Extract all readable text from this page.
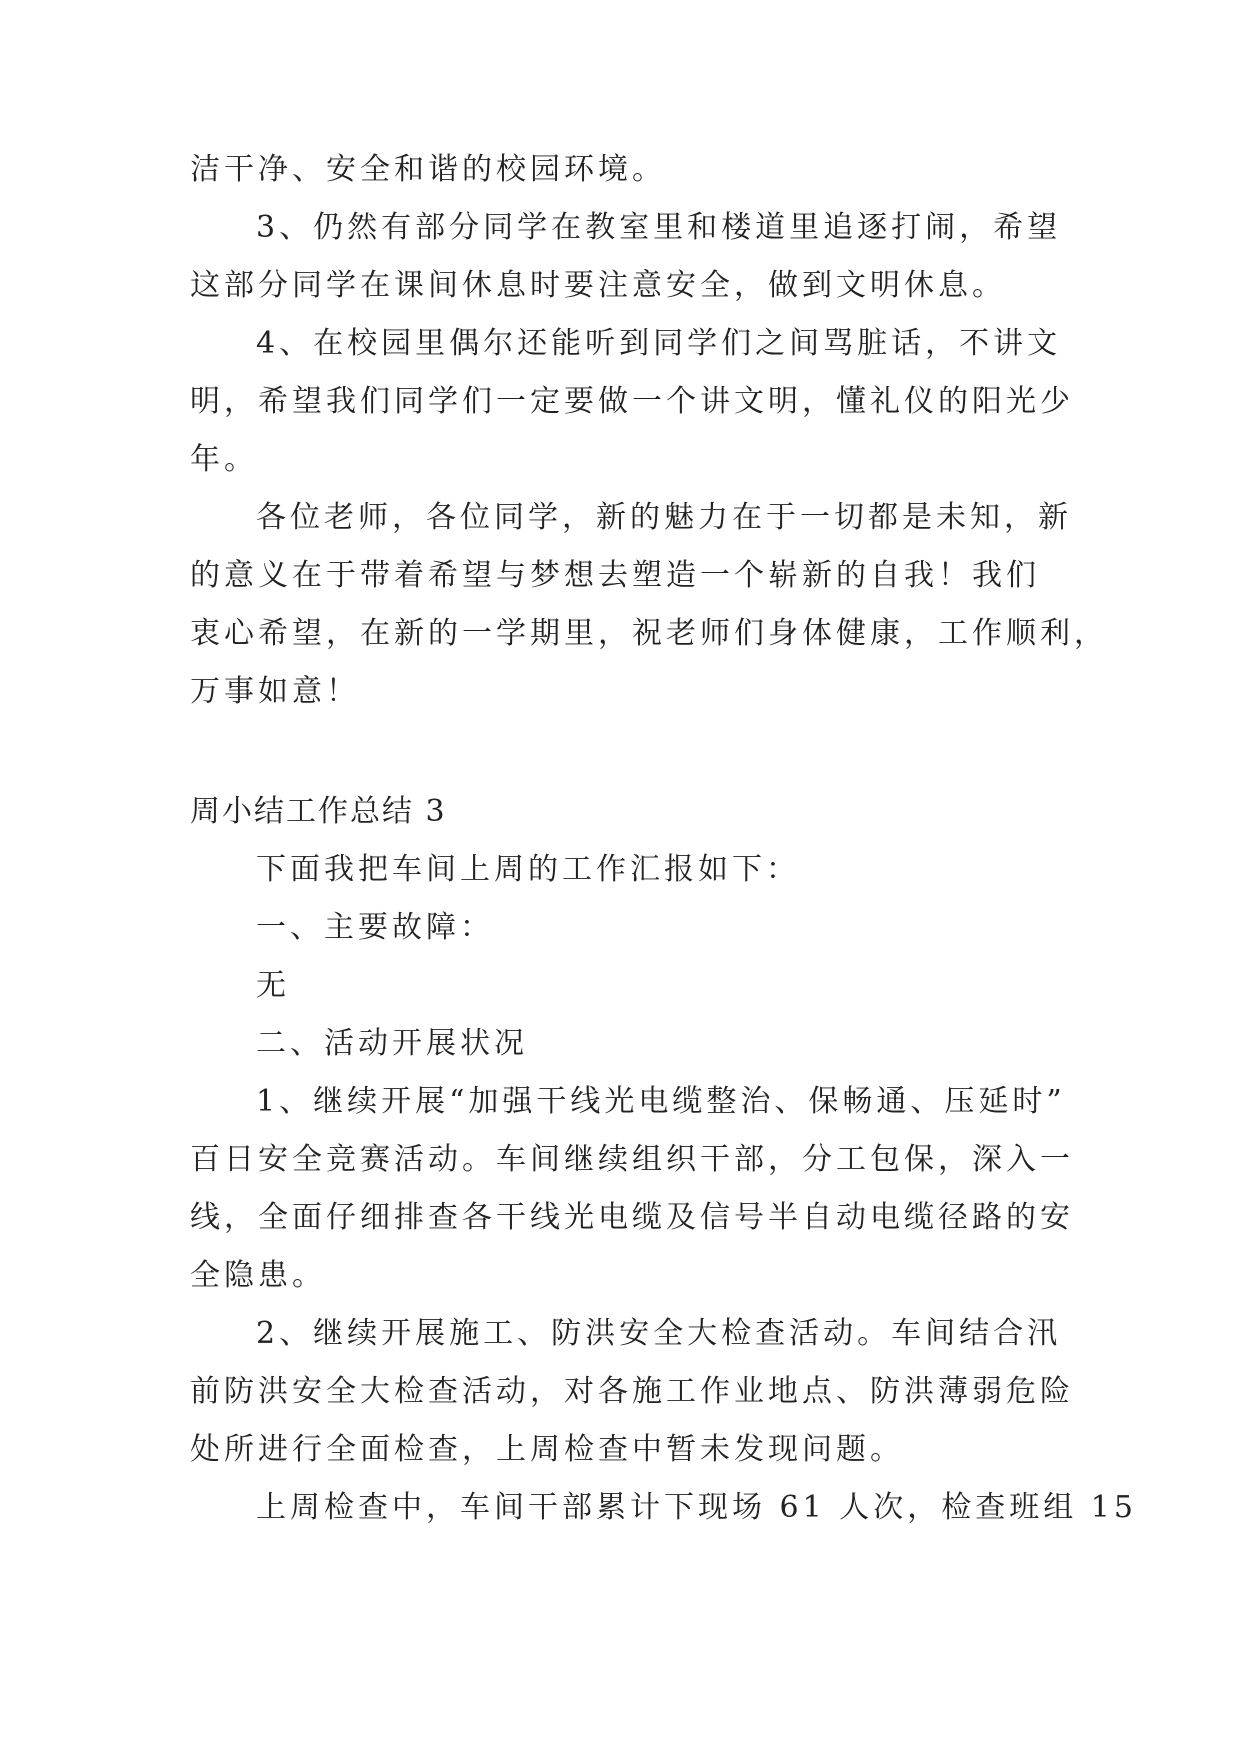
洁干净、安全和谐的校园环境。

3、仍然有部分同学在教室里和楼道里追逐打闹，希望

这部分同学在课间休息时要注意安全，做到文明休息。

4、在校园里偶尔还能听到同学们之间骂脏话，不讲文

明，希望我们同学们一定要做一个讲文明，懂礼仪的阳光少

年。

各位老师，各位同学，新的魅力在于一切都是未知，新

的意义在于带着希望与梦想去塑造一个崭新的自我！我们

衷心希望，在新的一学期里，祝老师们身体健康，工作顺利，

万事如意！

周小结工作总结 3

下面我把车间上周的工作汇报如下：

一、主要故障：

无

二、活动开展状况

1、继续开展“加强干线光电缆整治、保畅通、压延时”

百日安全竞赛活动。车间继续组织干部，分工包保，深入一

线，全面仔细排查各干线光电缆及信号半自动电缆径路的安

全隐患。

2、继续开展施工、防洪安全大检查活动。车间结合汛

前防洪安全大检查活动，对各施工作业地点、防洪薄弱危险

处所进行全面检查，上周检查中暂未发现问题。

上周检查中，车间干部累计下现场 61 人次，检查班组 15
